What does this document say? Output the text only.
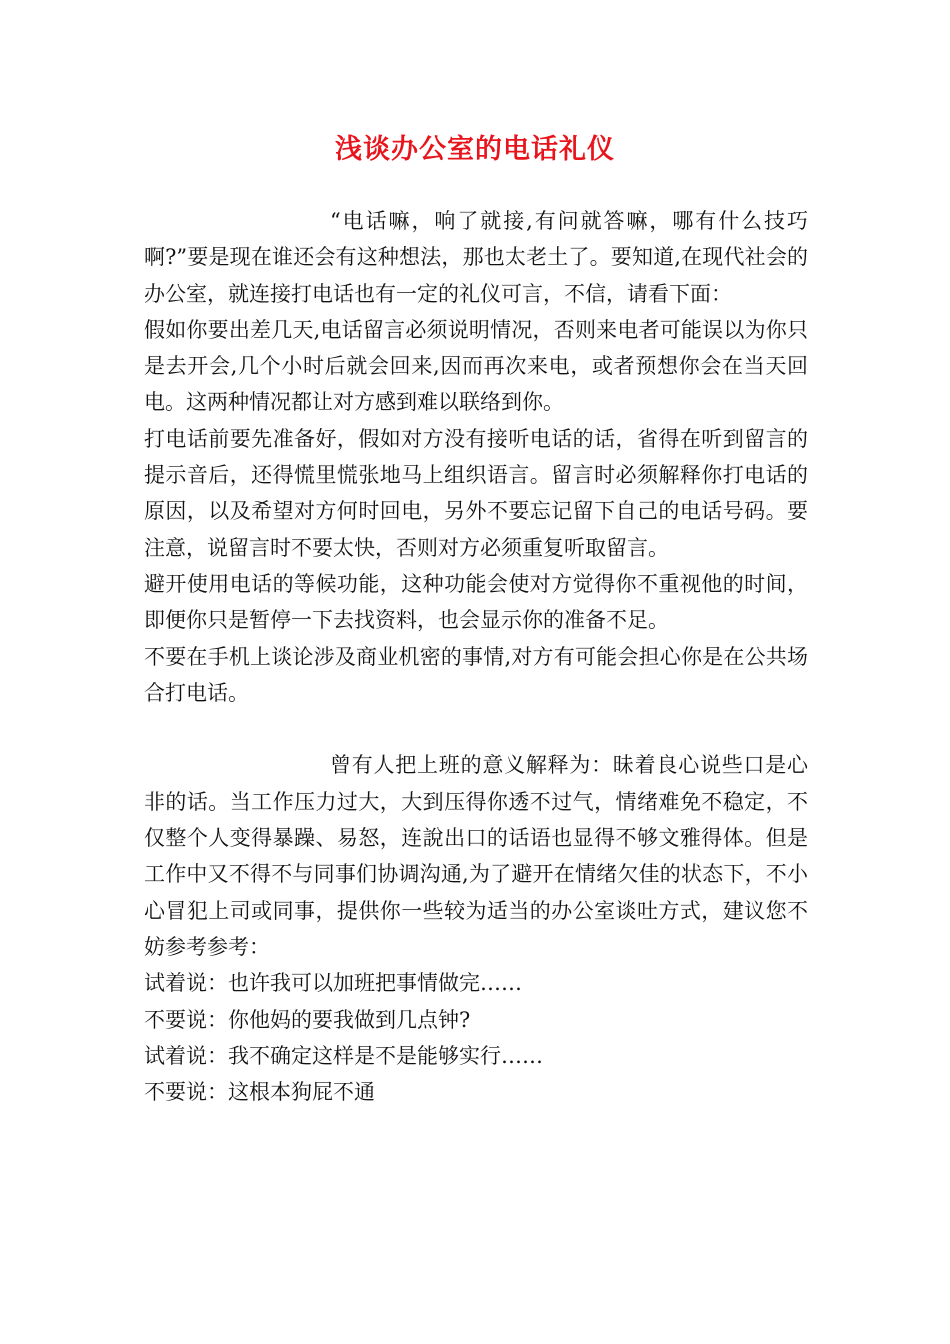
浅谈办公室的电话礼仪

“电话嘛，响了就接,有问就答嘛，哪有什么技巧啊?”要是现在谁还会有这种想法，那也太老土了。要知道,在现代社会的办公室，就连接打电话也有一定的礼仪可言，不信，请看下面：

假如你要出差几天,电话留言必须说明情况，否则来电者可能误以为你只是去开会,几个小时后就会回来,因而再次来电，或者预想你会在当天回电。这两种情况都让对方感到难以联络到你。

打电话前要先准备好，假如对方没有接听电话的话，省得在听到留言的提示音后，还得慌里慌张地马上组织语言。留言时必须解释你打电话的原因，以及希望对方何时回电，另外不要忘记留下自己的电话号码。要注意，说留言时不要太快，否则对方必须重复听取留言。

避开使用电话的等候功能，这种功能会使对方觉得你不重视他的时间，即便你只是暂停一下去找资料，也会显示你的准备不足。

不要在手机上谈论涉及商业机密的事情,对方有可能会担心你是在公共场合打电话。

曾有人把上班的意义解释为：昧着良心说些口是心非的话。当工作压力过大，大到压得你透不过气，情绪难免不稳定，不仅整个人变得暴躁、易怒，连說出口的话语也显得不够文雅得体。但是工作中又不得不与同事们协调沟通,为了避开在情绪欠佳的状态下，不小心冒犯上司或同事，提供你一些较为适当的办公室谈吐方式，建议您不妨参考参考：

试着说：也许我可以加班把事情做完……

不要说：你他妈的要我做到几点钟?

试着说：我不确定这样是不是能够实行……

不要说：这根本狗屁不通
